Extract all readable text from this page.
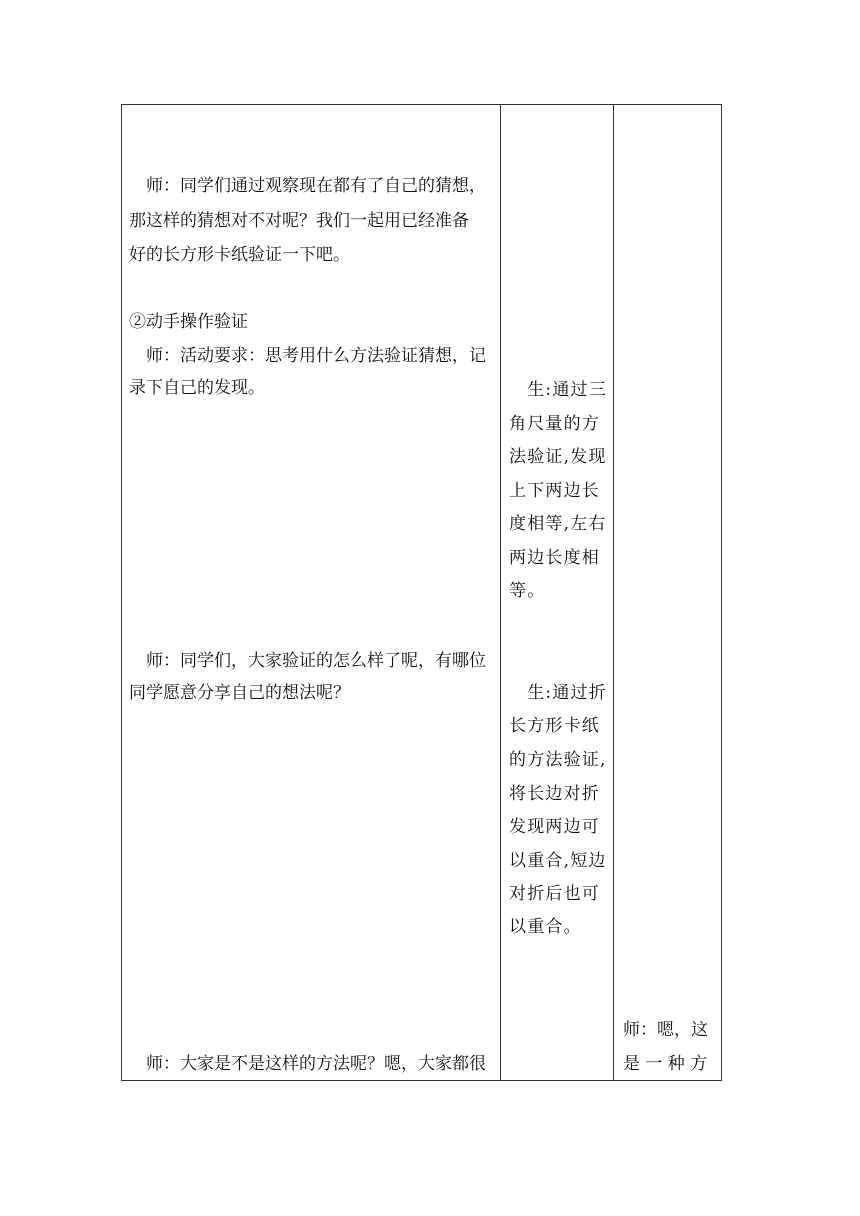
　师：同学们通过观察现在都有了自己的猜想，
那这样的猜想对不对呢？我们一起用已经准备
好的长方形卡纸验证一下吧。
②动手操作验证
　师：活动要求：思考用什么方法验证猜想，记
录下自己的发现。
　师：同学们，大家验证的怎么样了呢，有哪位
同学愿意分享自己的想法呢？
　师：大家是不是这样的方法呢？嗯，大家都很
　生:通过三
角尺量的方
法验证,发现
上下两边长
度相等,左右
两边长度相
等。
　生:通过折
长方形卡纸
的方法验证,
将长边对折
发现两边可
以重合,短边
对折后也可
以重合。
师：嗯，这
是 一 种 方
